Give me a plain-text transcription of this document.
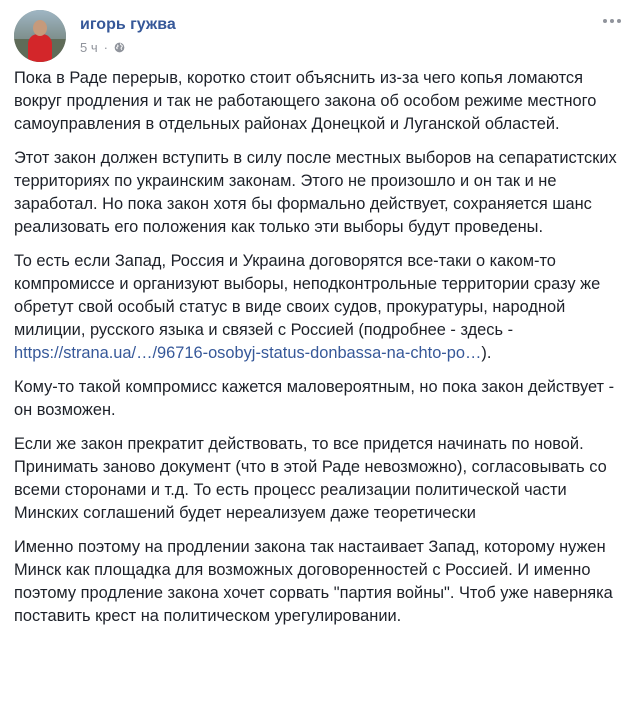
игорь гужва
5 ч ·

Пока в Раде перерыв, коротко стоит объяснить из-за чего копья ломаются вокруг продления и так не работающего закона об особом режиме местного самоуправления в отдельных районах Донецкой и Луганской областей.

Этот закон должен вступить в силу после местных выборов на сепаратистских территориях по украинским законам. Этого не произошло и он так и не заработал. Но пока закон хотя бы формально действует, сохраняется шанс реализовать его положения как только эти выборы будут проведены.

То есть если Запад, Россия и Украина договорятся все-таки о каком-то компромиссе и организуют выборы, неподконтрольные территории сразу же обретут свой особый статус в виде своих судов, прокуратуры, народной милиции, русского языка и связей с Россией (подробнее - здесь - https://strana.ua/…/96716-osobyj-status-donbassa-na-chto-po…).

Кому-то такой компромисс кажется маловероятным, но пока закон действует - он возможен.

Если же закон прекратит действовать, то все придется начинать по новой. Принимать заново документ (что в этой Раде невозможно), согласовывать со всеми сторонами и т.д. То есть процесс реализации политической части Минских соглашений будет нереализуем даже теоретически

Именно поэтому на продлении закона так настаивает Запад, которому нужен Минск как площадка для возможных договоренностей с Россией. И именно поэтому продление закона хочет сорвать "партия войны". Чтоб уже наверняка поставить крест на политическом урегулировании.
